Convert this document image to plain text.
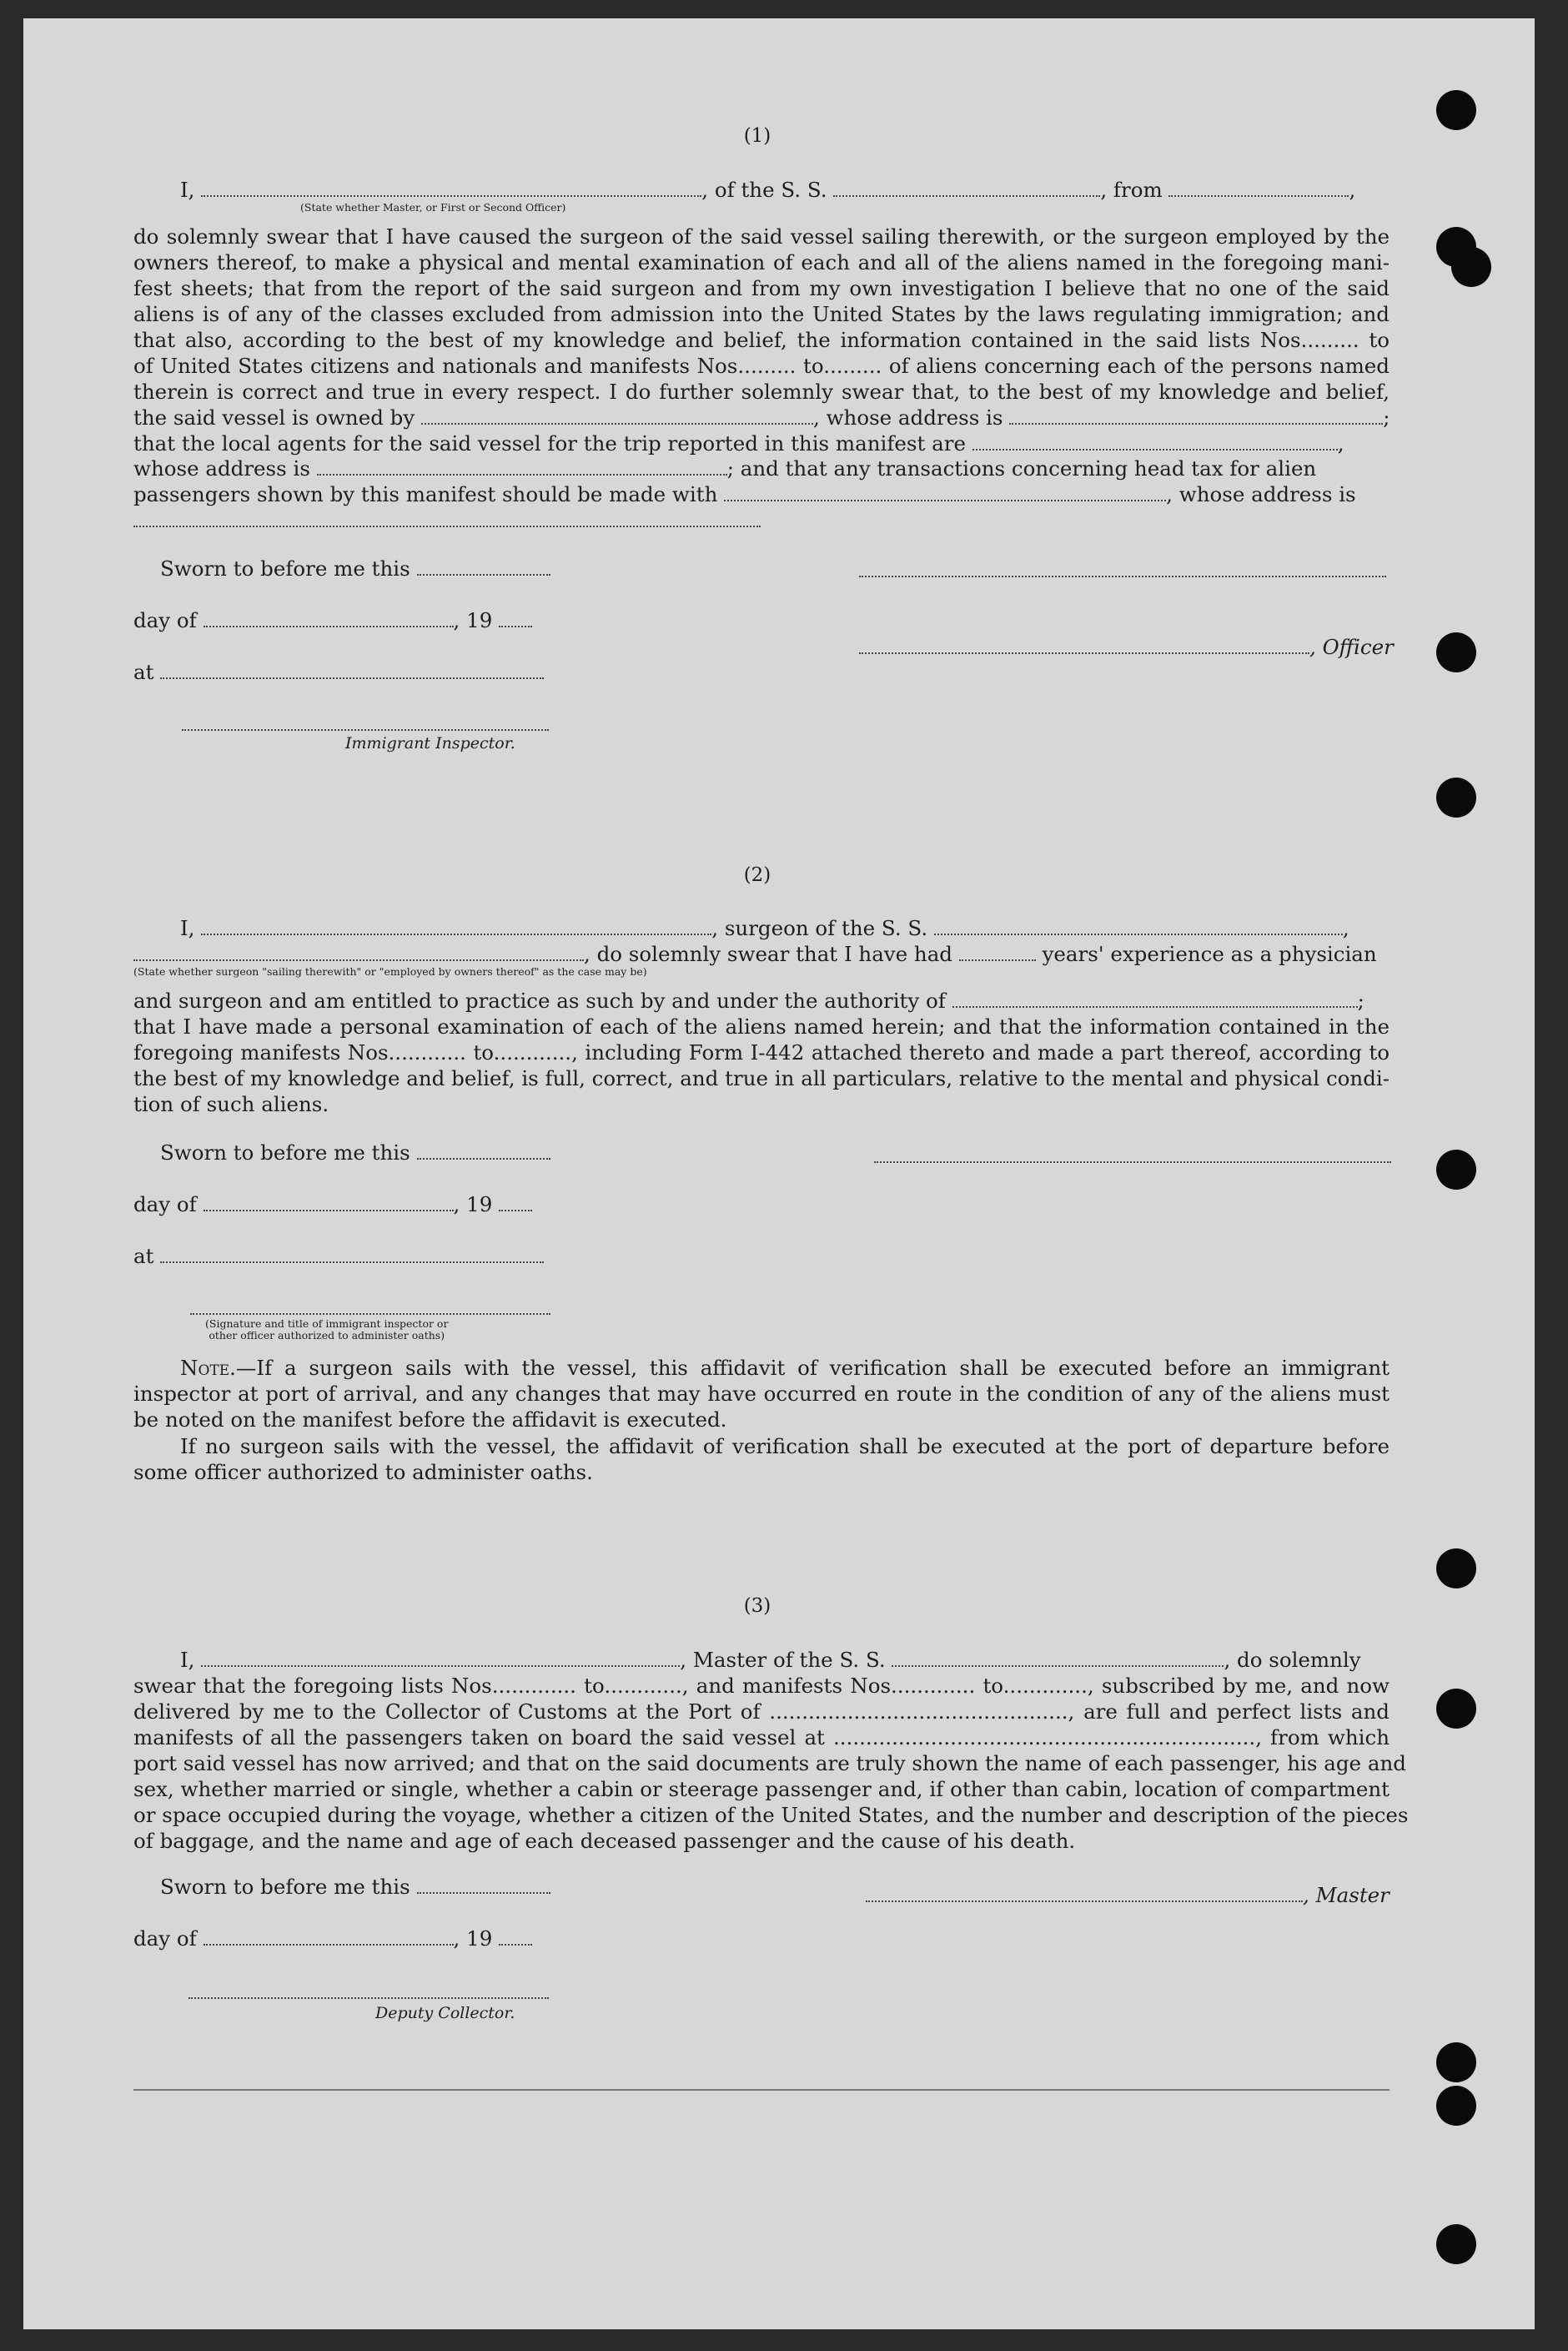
(1)
I,	, of the S. S.	, from	,
(State whether Master, or First or Second Officer)
do solemnly swear that I have caused the surgeon of the said vessel sailing therewith, or the surgeon employed by the
owners thereof, to make a physical and mental examination of each and all of the aliens named in the foregoing mani-
fest sheets; that from the report of the said surgeon and from my own investigation I believe that no one of the said
aliens is of any of the classes excluded from admission into the United States by the laws regulating immigration; and
that also, according to the best of my knowledge and belief, the information contained in the said lists Nos......... to
of United States citizens and nationals and manifests Nos......... to......... of aliens concerning each of the persons named
therein is correct and true in every respect. I do further solemnly swear that, to the best of my knowledge and belief,
the said vessel is owned by	, whose address is	;
that the local agents for the said vessel for the trip reported in this manifest are	,
whose address is	; and that any transactions concerning head tax for alien
passengers shown by this manifest should be made with	, whose address is
Sworn to before me this
day of	, 19
, Officer
at
Immigrant Inspector.
(2)
I,	, surgeon of the S. S.	,
, do solemnly swear that I have had	years' experience as a physician
(State whether surgeon "sailing therewith" or "employed by owners thereof" as the case may be)
and surgeon and am entitled to practice as such by and under the authority of	;
that I have made a personal examination of each of the aliens named herein; and that the information contained in the
foregoing manifests Nos............ to............, including Form I-442 attached thereto and made a part thereof, according to
the best of my knowledge and belief, is full, correct, and true in all particulars, relative to the mental and physical condi-
tion of such aliens.
Sworn to before me this
day of	, 19
at
(Signature and title of immigrant inspector or
other officer authorized to administer oaths)
Note.—If a surgeon sails with the vessel, this affidavit of verification shall be executed before an immigrant
inspector at port of arrival, and any changes that may have occurred en route in the condition of any of the aliens must
be noted on the manifest before the affidavit is executed.
If no surgeon sails with the vessel, the affidavit of verification shall be executed at the port of departure before
some officer authorized to administer oaths.
(3)
I,	, Master of the S. S.	, do solemnly
swear that the foregoing lists Nos............. to............, and manifests Nos............. to............., subscribed by me, and now
delivered by me to the Collector of Customs at the Port of .............................................., are full and perfect lists and
manifests of all the passengers taken on board the said vessel at ................................................................., from which
port said vessel has now arrived; and that on the said documents are truly shown the name of each passenger, his age and
sex, whether married or single, whether a cabin or steerage passenger and, if other than cabin, location of compartment
or space occupied during the voyage, whether a citizen of the United States, and the number and description of the pieces
of baggage, and the name and age of each deceased passenger and the cause of his death.
Sworn to before me this	, Master
day of	, 19
Deputy Collector.
